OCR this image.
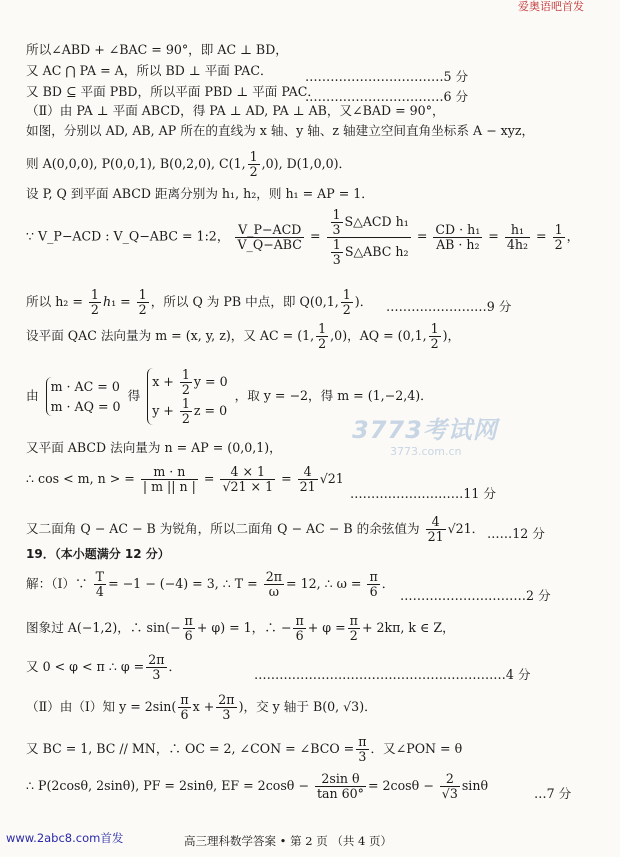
爱奥语吧首发
所以∠ABD + ∠BAC = 90°，即 AC ⊥ BD，
又 AC ⋂ PA = A，所以 BD ⊥ 平面 PAC．	……………………………5 分
又 BD ⊆ 平面 PBD，所以平面 PBD ⊥ 平面 PAC．
……………………………6 分
（Ⅱ）由 PA ⊥ 平面 ABCD，得 PA ⊥ AD, PA ⊥ AB，又∠BAD = 90°，
如图，分别以 AD, AB, AP 所在的直线为 x 轴、y 轴、z 轴建立空间直角坐标系 A − xyz，
则 A(0,0,0), P(0,0,1), B(0,2,0), C(1, $\frac{1}{2} ,0$), D(1,0,0)．
设 P, Q 到平面 ABCD 距离分别为 h₁, h₂，则 h₁ = AP = 1．
∵ V_P−ACD : V_Q−ABC = 1:2， $\frac{\text{V\_P−ACD}}{\text{V\_Q−ABC}} = \frac{\frac{1}{3} S\triangle ACD h_1}{\frac{1}{3} S\triangle ABC h_2} = \frac{\text{CD · h₁}}{\text{AB · h₂}} = \frac{\text{h₁}}{\text{4h₂}} = \frac{1}{2}$ ，
所以 $h_2 = \frac{1}{2} h_1 = \frac{1}{2}$ ，所以 Q 为 PB 中点，即 Q(0,1, $\frac{1}{2}$ )． ……………………9 分
设平面 QAC 法向量为 m = (x, y, z)，又 AC = (1, $\frac{1}{2} ,0$)，AQ = (0,1, $\frac{1}{2}$ )，
由
m · AC = 0
m · AQ = 0
得
$x + \frac{1}{2}$ y = 0
$y + \frac{1}{2}$ z = 0
，取 y = −2，得 m = (1,−2,4)．
3773考试网
3773.com.cn
又平面 ABCD 法向量为 n = AP = (0,0,1)，
∴ cos < m, n > = $\frac{m \cdot n}{| m || n |} = \frac{4 \times 1}{√21 \times 1} = \frac{4}{21} √21$
………………………11 分
又二面角 Q − AC − B 为锐角，所以二面角 Q − AC − B 的余弦值为 $\frac{4}{21} √21$． ……12 分
19．（本小题满分 12 分）
解：（Ⅰ）∵ $\frac{T}{4} = -1 - (-4) = 3$, ∴ $T = \frac{2\pi}{\omega} = 12$, ∴ $\omega = \frac{\pi}{6}$ ．
…………………………2 分
图象过 A(−1,2)，∴ $\sin(- \frac{\pi}{6} + \varphi) = 1$，∴ − $\frac{\pi}{6} + \varphi = \frac{\pi}{2} + 2k\pi$, k ∈ Z，
又 0 < φ < π ∴ $\varphi = \frac{2\pi}{3}$ ．
……………………………………………………4 分
（Ⅱ）由（Ⅰ）知 $y = 2\sin( \frac{\pi}{6}$ $x + \frac{2\pi}{3}$ )，交 y 轴于 B(0, √3)．
又 BC = 1, BC // MN，∴ OC = 2, ∠CON = ∠BCO = $\frac{\pi}{3}$ ．又∠PON = θ
∴ P(2cosθ, 2sinθ), PF = 2sinθ, EF = $2\cos\theta - \frac{\text{2sin θ}}{\tan 60^\circ} = 2\cos\theta - \frac{2}{√3}$ sinθ
…7 分
www.2abc8.com首发	高三理科数学答案 • 第 2 页 （共 4 页）
